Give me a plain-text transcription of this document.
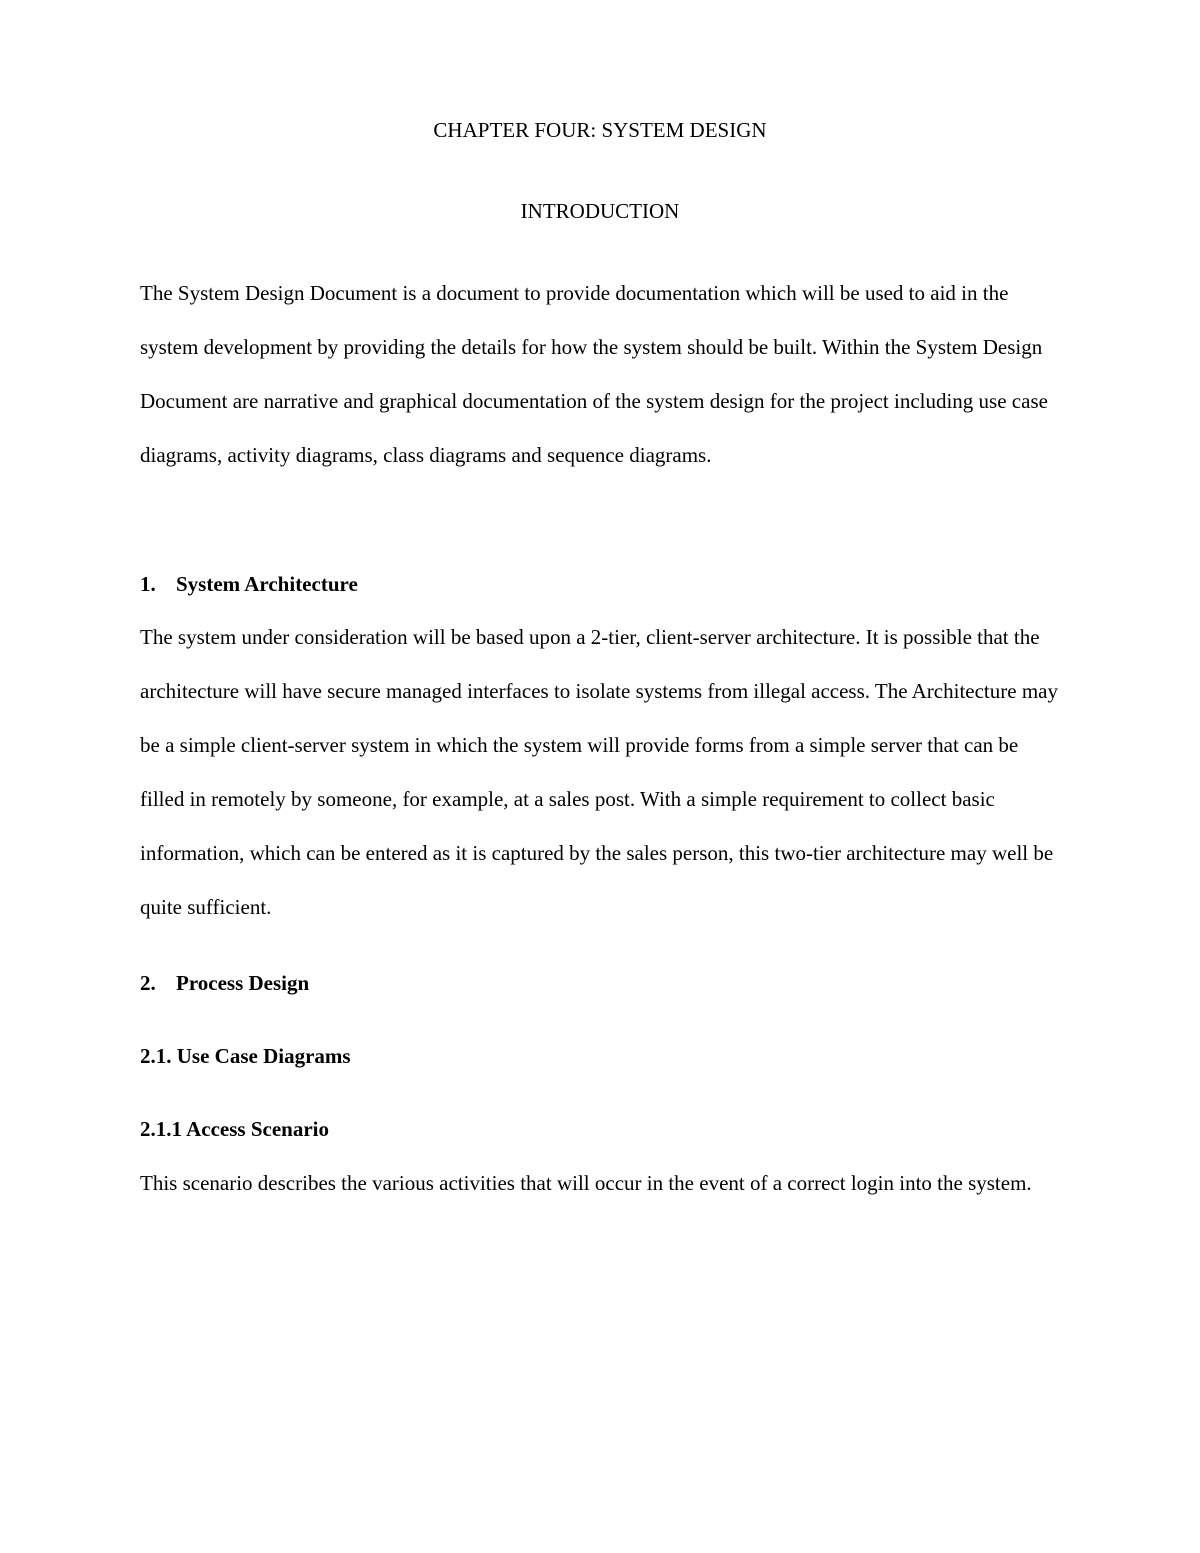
CHAPTER FOUR: SYSTEM DESIGN
INTRODUCTION

The System Design Document is a document to provide documentation which will be used to aid in the system development by providing the details for how the system should be built. Within the System Design Document are narrative and graphical documentation of the system design for the project including use case diagrams, activity diagrams, class diagrams and sequence diagrams.

1. System Architecture

The system under consideration will be based upon a 2-tier, client-server architecture. It is possible that the architecture will have secure managed interfaces to isolate systems from illegal access. The Architecture may be a simple client-server system in which the system will provide forms from a simple server that can be filled in remotely by someone, for example, at a sales post. With a simple requirement to collect basic information, which can be entered as it is captured by the sales person, this two-tier architecture may well be quite sufficient.

2. Process Design
2.1. Use Case Diagrams
2.1.1 Access Scenario

This scenario describes the various activities that will occur in the event of a correct login into the system.
